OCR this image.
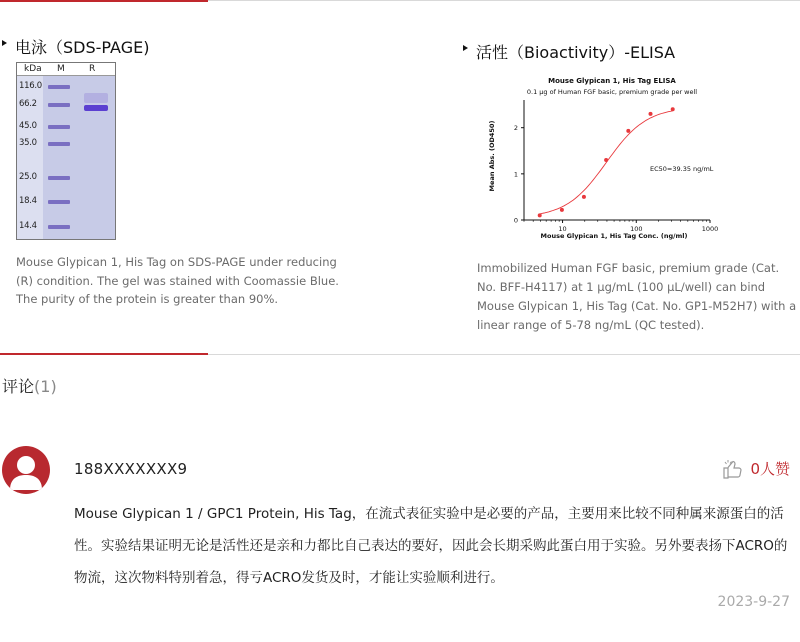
电泳（SDS-PAGE)
kDa M	R
116.0
66.2
45.0
35.0
25.0
18.4
14.4
Mouse Glypican 1, His Tag on SDS-PAGE under reducing (R) condition. The gel was stained with Coomassie Blue. The purity of the protein is greater than 90%.
活性（Bioactivity）-ELISA
Mouse Glypican 1, His Tag ELISA
0.1 μg of Human FGF basic, premium grade per well
10	100	1000
0
1
2
Mouse Glypican 1, His Tag Conc. (ng/ml)
Mean Abs. (OD450)	EC50=39.35 ng/mL
Immobilized Human FGF basic, premium grade (Cat. No. BFF-H4117) at 1 μg/mL (100 μL/well) can bind Mouse Glypican 1, His Tag (Cat. No. GP1-M52H7) with a linear range of 5-78 ng/mL (QC tested).
评论(1)
188XXXXXXX9	0人赞
Mouse Glypican 1 / GPC1 Protein, His Tag，在流式表征实验中是必要的产品，主要用来比较不同种属来源蛋白的活性。实验结果证明无论是活性还是亲和力都比自己表达的要好，因此会长期采购此蛋白用于实验。另外要表扬下ACRO的物流，这次物料特别着急，得亏ACRO发货及时，才能让实验顺利进行。
2023-9-27
